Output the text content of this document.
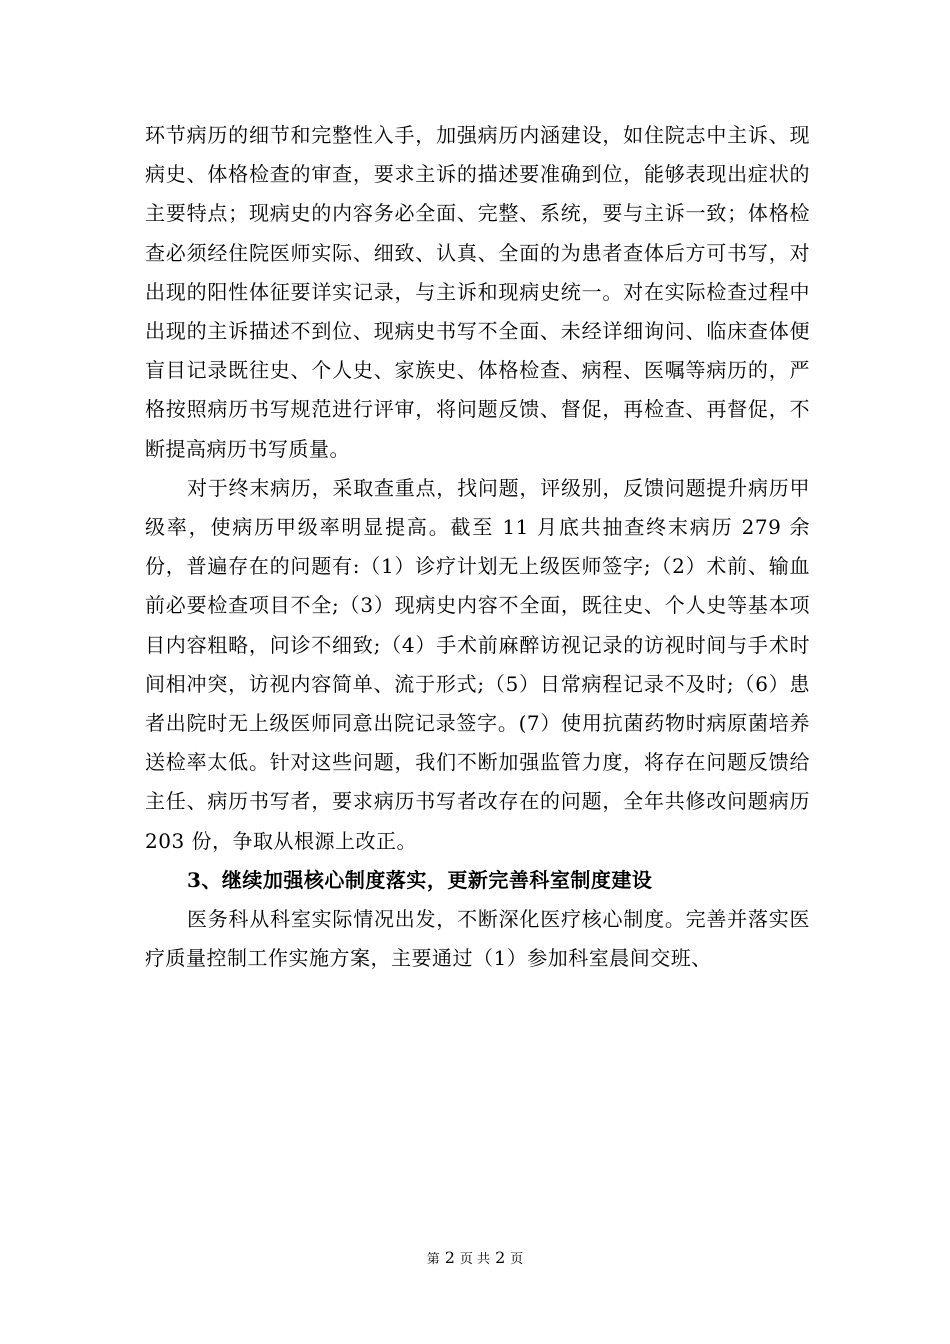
环节病历的细节和完整性入手，加强病历内涵建设，如住院志中主诉、现病史、体格检查的审查，要求主诉的描述要准确到位，能够表现出症状的主要特点；现病史的内容务必全面、完整、系统，要与主诉一致；体格检查必须经住院医师实际、细致、认真、全面的为患者查体后方可书写，对出现的阳性体征要详实记录，与主诉和现病史统一。对在实际检查过程中出现的主诉描述不到位、现病史书写不全面、未经详细询问、临床查体便盲目记录既往史、个人史、家族史、体格检查、病程、医嘱等病历的，严格按照病历书写规范进行评审，将问题反馈、督促，再检查、再督促，不断提高病历书写质量。

对于终末病历，采取查重点，找问题，评级别，反馈问题提升病历甲级率，使病历甲级率明显提高。截至 11 月底共抽查终末病历 279 余份，普遍存在的问题有:（1）诊疗计划无上级医师签字;（2）术前、输血前必要检查项目不全;（3）现病史内容不全面，既往史、个人史等基本项目内容粗略，问诊不细致;（4）手术前麻醉访视记录的访视时间与手术时间相冲突，访视内容简单、流于形式;（5）日常病程记录不及时;（6）患者出院时无上级医师同意出院记录签字。(7）使用抗菌药物时病原菌培养送检率太低。针对这些问题，我们不断加强监管力度，将存在问题反馈给主任、病历书写者，要求病历书写者改存在的问题，全年共修改问题病历 203 份，争取从根源上改正。

3、继续加强核心制度落实，更新完善科室制度建设

医务科从科室实际情况出发，不断深化医疗核心制度。完善并落实医疗质量控制工作实施方案，主要通过（1）参加科室晨间交班、

第 2 页 共 2 页
